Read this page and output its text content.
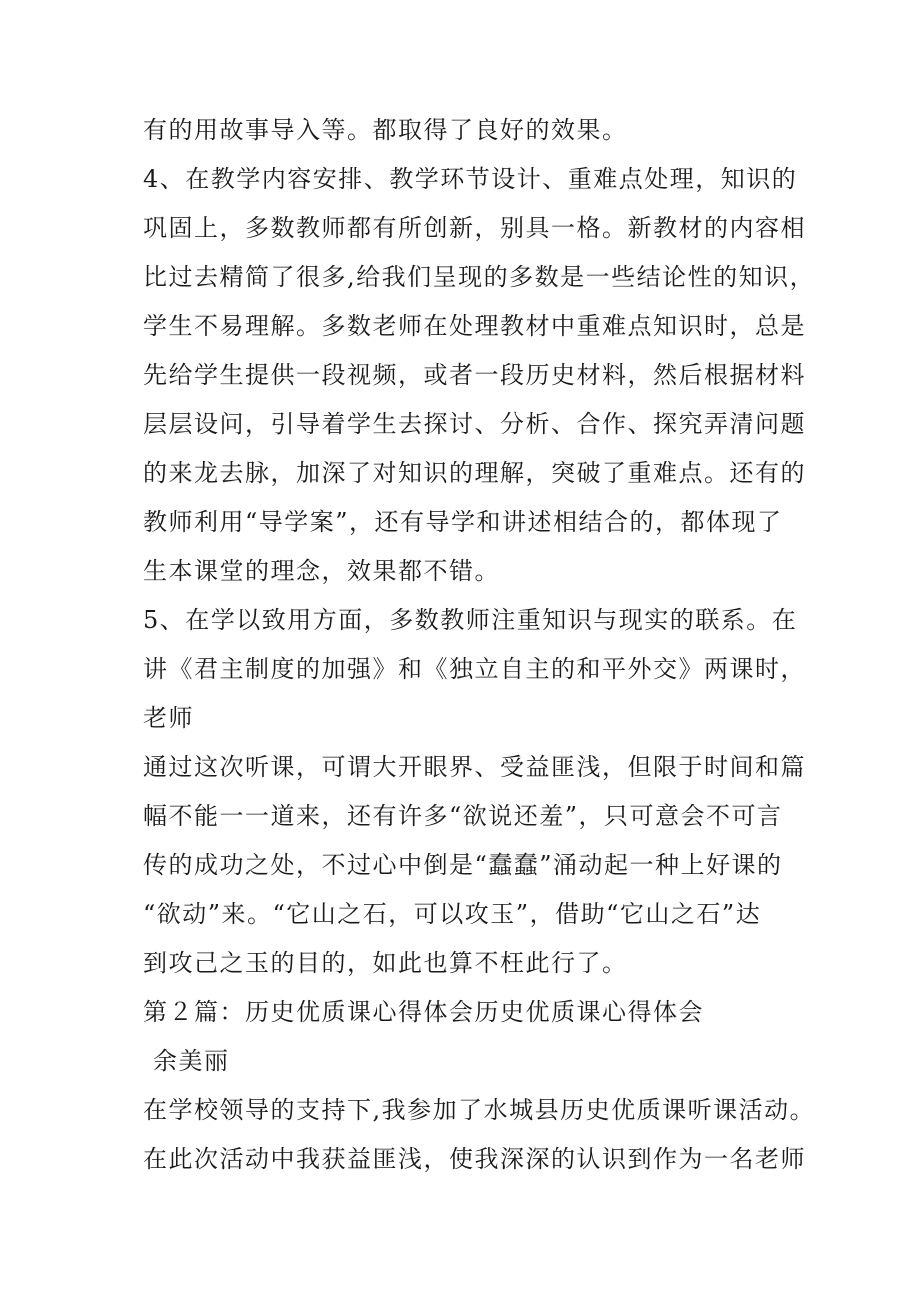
有的用故事导入等。都取得了良好的效果。
4、在教学内容安排、教学环节设计、重难点处理，知识的
巩固上，多数教师都有所创新，别具一格。新教材的内容相
比过去精简了很多,给我们呈现的多数是一些结论性的知识，
学生不易理解。多数老师在处理教材中重难点知识时，总是
先给学生提供一段视频，或者一段历史材料，然后根据材料
层层设问，引导着学生去探讨、分析、合作、探究弄清问题
的来龙去脉，加深了对知识的理解，突破了重难点。还有的
教师利用“导学案”，还有导学和讲述相结合的，都体现了
生本课堂的理念，效果都不错。
5、在学以致用方面，多数教师注重知识与现实的联系。在
讲《君主制度的加强》和《独立自主的和平外交》两课时，
老师
通过这次听课，可谓大开眼界、受益匪浅，但限于时间和篇
幅不能一一道来，还有许多“欲说还羞”，只可意会不可言
传的成功之处，不过心中倒是“蠢蠢”涌动起一种上好课的
“欲动”来。“它山之石，可以攻玉”，借助“它山之石”达
到攻己之玉的目的，如此也算不枉此行了。
第２篇：历史优质课心得体会历史优质课心得体会
余美丽
在学校领导的支持下,我参加了水城县历史优质课听课活动。
在此次活动中我获益匪浅，使我深深的认识到作为一名老师
